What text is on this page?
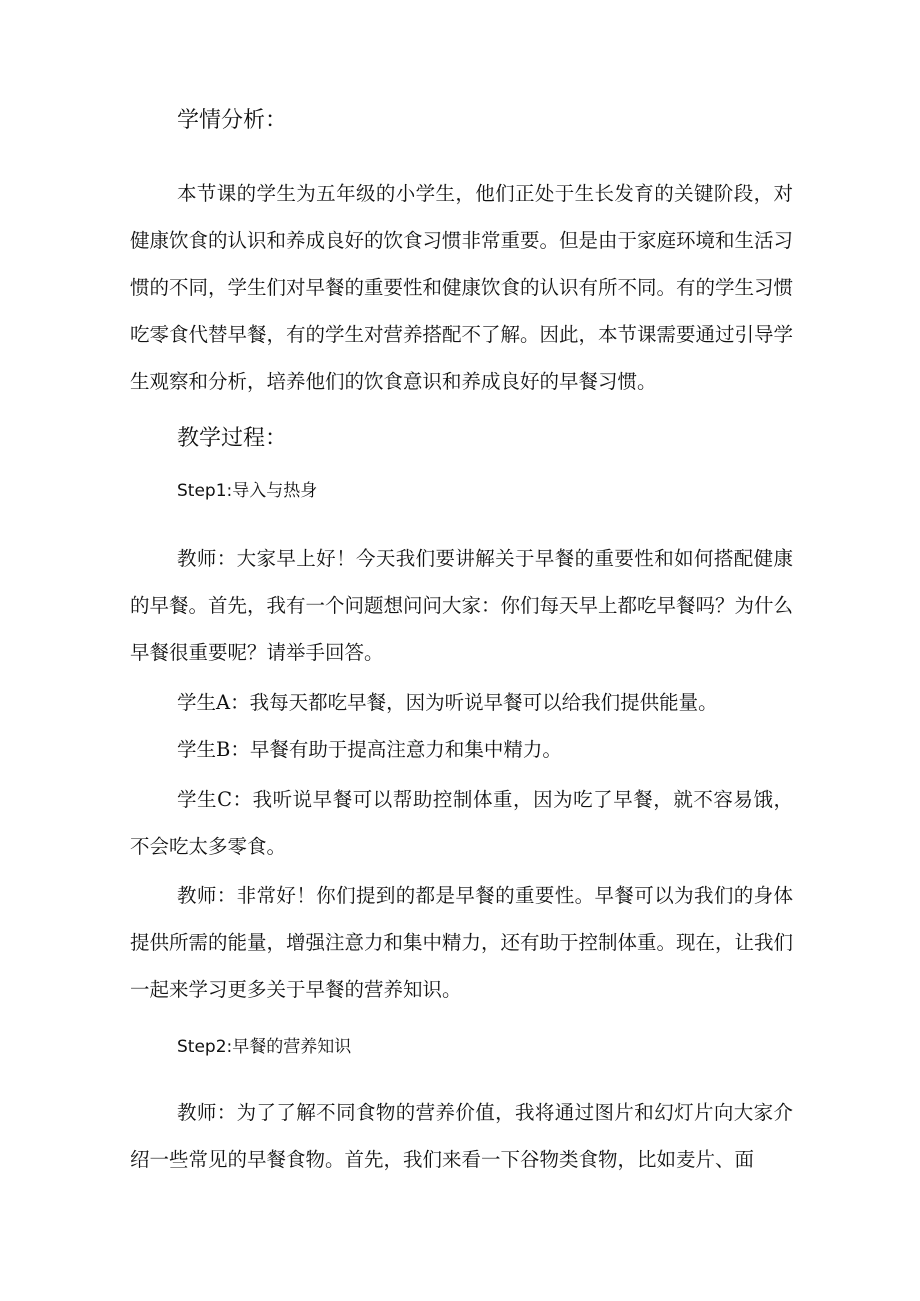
学情分析：

本节课的学生为五年级的小学生，他们正处于生长发育的关键阶段，对健康饮食的认识和养成良好的饮食习惯非常重要。但是由于家庭环境和生活习惯的不同，学生们对早餐的重要性和健康饮食的认识有所不同。有的学生习惯吃零食代替早餐，有的学生对营养搭配不了解。因此，本节课需要通过引导学生观察和分析，培养他们的饮食意识和养成良好的早餐习惯。

教学过程：
Step1:导入与热身

教师：大家早上好！今天我们要讲解关于早餐的重要性和如何搭配健康的早餐。首先，我有一个问题想问问大家：你们每天早上都吃早餐吗？为什么早餐很重要呢？请举手回答。

学生A：我每天都吃早餐，因为听说早餐可以给我们提供能量。

学生B：早餐有助于提高注意力和集中精力。

学生C：我听说早餐可以帮助控制体重，因为吃了早餐，就不容易饿，不会吃太多零食。

教师：非常好！你们提到的都是早餐的重要性。早餐可以为我们的身体提供所需的能量，增强注意力和集中精力，还有助于控制体重。现在，让我们一起来学习更多关于早餐的营养知识。

Step2:早餐的营养知识

教师：为了了解不同食物的营养价值，我将通过图片和幻灯片向大家介绍一些常见的早餐食物。首先，我们来看一下谷物类食物，比如麦片、面
